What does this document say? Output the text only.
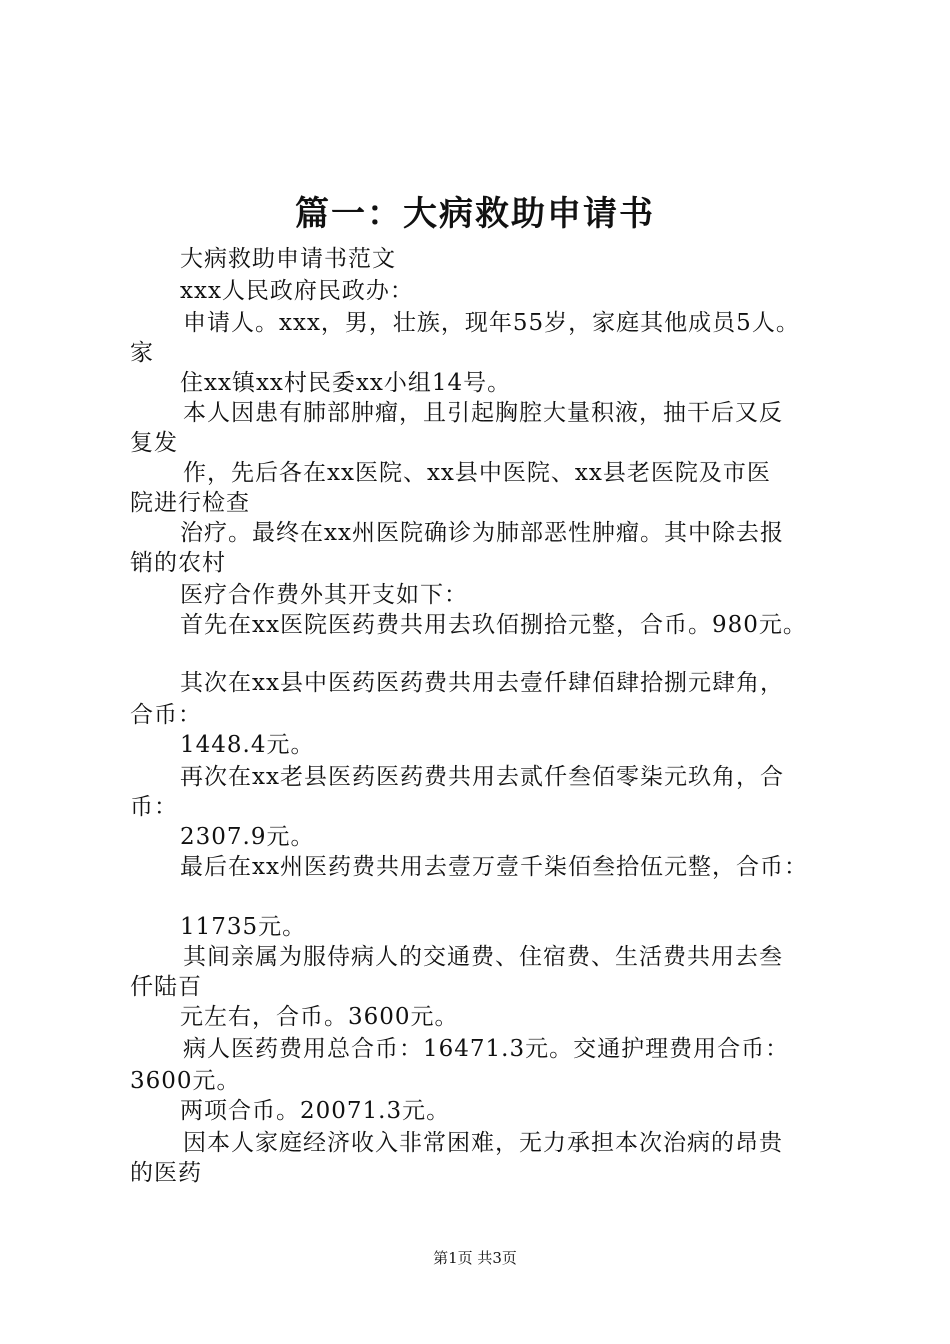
篇一：大病救助申请书
大病救助申请书范文
xxx人民政府民政办：
申请人。xxx，男，壮族，现年55岁，家庭其他成员5人。
家
住xx镇xx村民委xx小组14号。
本人因患有肺部肿瘤，且引起胸腔大量积液，抽干后又反
复发
作，先后各在xx医院、xx县中医院、xx县老医院及市医
院进行检查
治疗。最终在xx州医院确诊为肺部恶性肿瘤。其中除去报
销的农村
医疗合作费外其开支如下：
首先在xx医院医药费共用去玖佰捌拾元整，合币。980元。
其次在xx县中医药医药费共用去壹仟肆佰肆拾捌元肆角，
合币：
1448.4元。
再次在xx老县医药医药费共用去贰仟叁佰零柒元玖角，合
币：
2307.9元。
最后在xx州医药费共用去壹万壹千柒佰叁拾伍元整，合币：
11735元。
其间亲属为服侍病人的交通费、住宿费、生活费共用去叁
仟陆百
元左右，合币。3600元。
病人医药费用总合币：16471.3元。交通护理费用合币：
3600元。
两项合币。20071.3元。
因本人家庭经济收入非常困难，无力承担本次治病的昂贵
的医药
第1页 共3页
